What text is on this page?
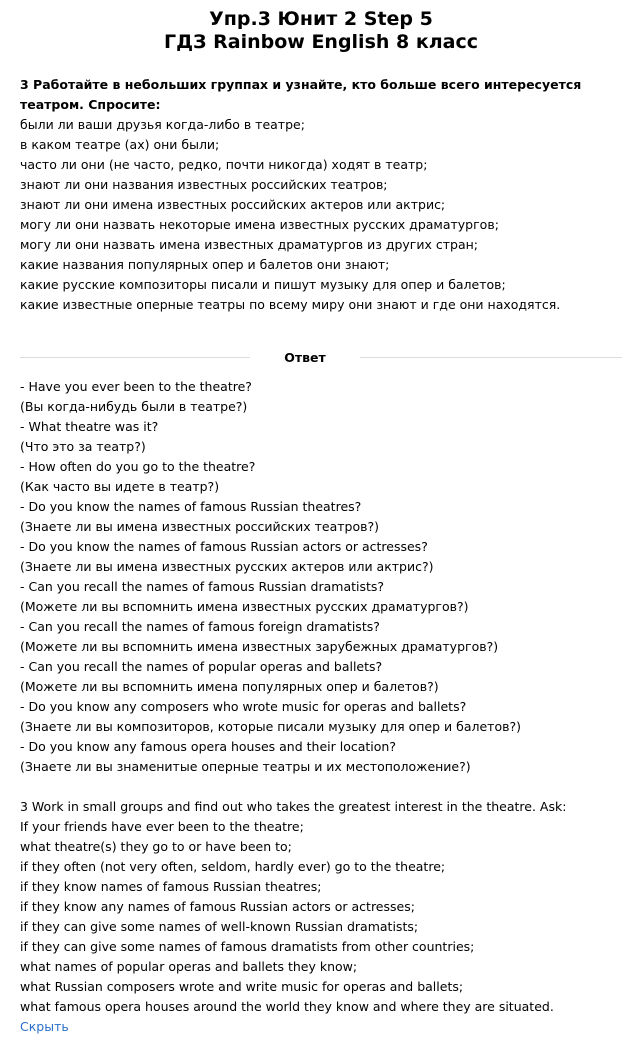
Упр.3 Юнит 2 Step 5
ГДЗ Rainbow English 8 класс
3 Работайте в небольших группах и узнайте, кто больше всего интересуется
театром. Спросите:
были ли ваши друзья когда-либо в театре;
в каком театре (ах) они были;
часто ли они (не часто, редко, почти никогда) ходят в театр;
знают ли они названия известных российских театров;
знают ли они имена известных российских актеров или актрис;
могу ли они назвать некоторые имена известных русских драматургов;
могу ли они назвать имена известных драматургов из других стран;
какие названия популярных опер и балетов они знают;
какие русские композиторы писали и пишут музыку для опер и балетов;
какие известные оперные театры по всему миру они знают и где они находятся.
Ответ
- Have you ever been to the theatre?
(Вы когда-нибудь были в театре?)
- What theatre was it?
(Что это за театр?)
- How often do you go to the theatre?
(Как часто вы идете в театр?)
- Do you know the names of famous Russian theatres?
(Знаете ли вы имена известных российских театров?)
- Do you know the names of famous Russian actors or actresses?
(Знаете ли вы имена известных русских актеров или актрис?)
- Can you recall the names of famous Russian dramatists?
(Можете ли вы вспомнить имена известных русских драматургов?)
- Can you recall the names of famous foreign dramatists?
(Можете ли вы вспомнить имена известных зарубежных драматургов?)
- Can you recall the names of popular operas and ballets?
(Можете ли вы вспомнить имена популярных опер и балетов?)
- Do you know any composers who wrote music for operas and ballets?
(Знаете ли вы композиторов, которые писали музыку для опер и балетов?)
- Do you know any famous opera houses and their location?
(Знаете ли вы знаменитые оперные театры и их местоположение?)
3 Work in small groups and find out who takes the greatest interest in the theatre. Ask:
If your friends have ever been to the theatre;
what theatre(s) they go to or have been to;
if they often (not very often, seldom, hardly ever) go to the theatre;
if they know names of famous Russian theatres;
if they know any names of famous Russian actors or actresses;
if they can give some names of well-known Russian dramatists;
if they can give some names of famous dramatists from other countries;
what names of popular operas and ballets they know;
what Russian composers wrote and write music for operas and ballets;
what famous opera houses around the world they know and where they are situated.
Скрыть
